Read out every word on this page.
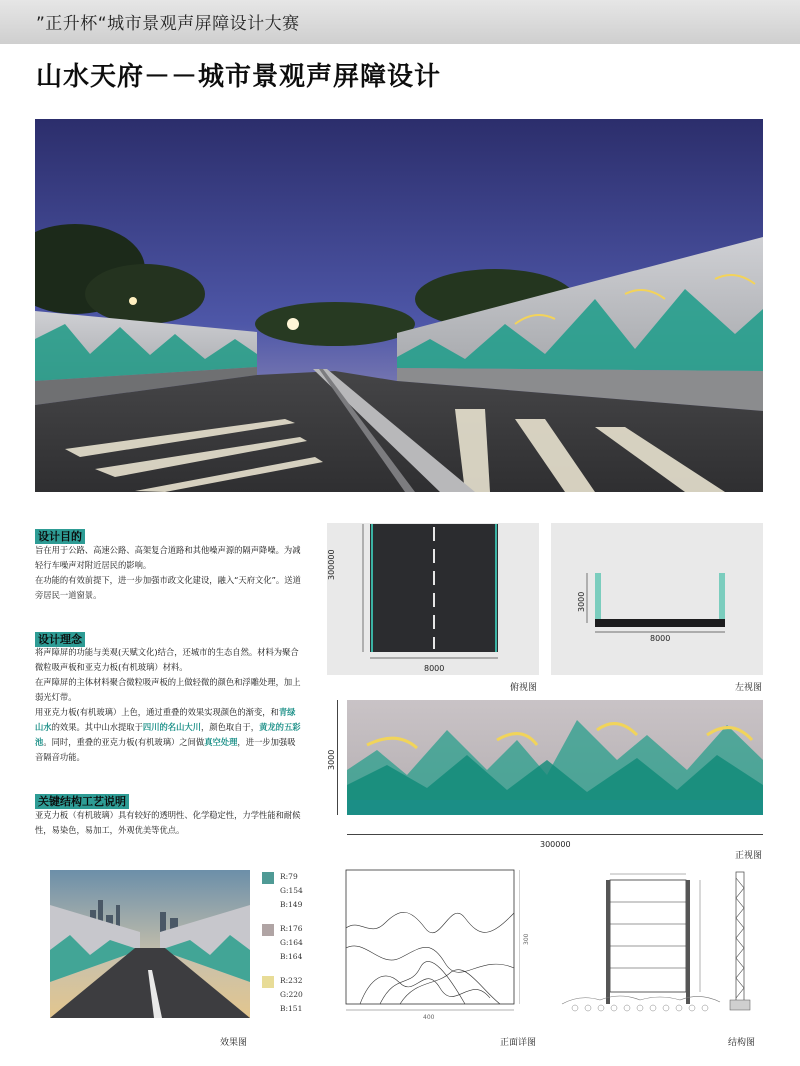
”正升杯“城市景观声屏障设计大赛
山水天府－－城市景观声屏障设计
设计目的

旨在用于公路、高速公路、高架复合道路和其他噪声源的隔声降噪。为减轻行车噪声对附近居民的影响。

在功能的有效前提下，进一步加强市政文化建设，融入“天府文化”。送道旁居民一道窗景。

设计理念

将声障屏的功能与美观(天赋文化)结合，还城市的生态自然。材料为聚合微粒吸声板和亚克力板(有机玻璃）材料。

在声障屏的主体材料聚合微粒吸声板的上做轻微的颜色和浮雕处理，加上弱光灯带。

用亚克力板(有机玻璃）上色，通过重叠的效果实现颜色的渐变，和青绿山水的效果。其中山水提取于四川的名山大川，颜色取自于，黄龙的五彩池。同时，重叠的亚克力板(有机玻璃）之间做真空处理，进一步加强吸音隔音功能。

关键结构工艺说明

亚克力板（有机玻璃）具有较好的透明性、化学稳定性，力学性能和耐候性，易染色，易加工，外观优美等优点。

300000
8000
俯视图
3000
8000
左视图
3000
300000
正视图
效果图
R:79
G:154
B:149
R:176
G:164
B:164
R:232
G:220
B:151
300
400
正面详图	结构图
